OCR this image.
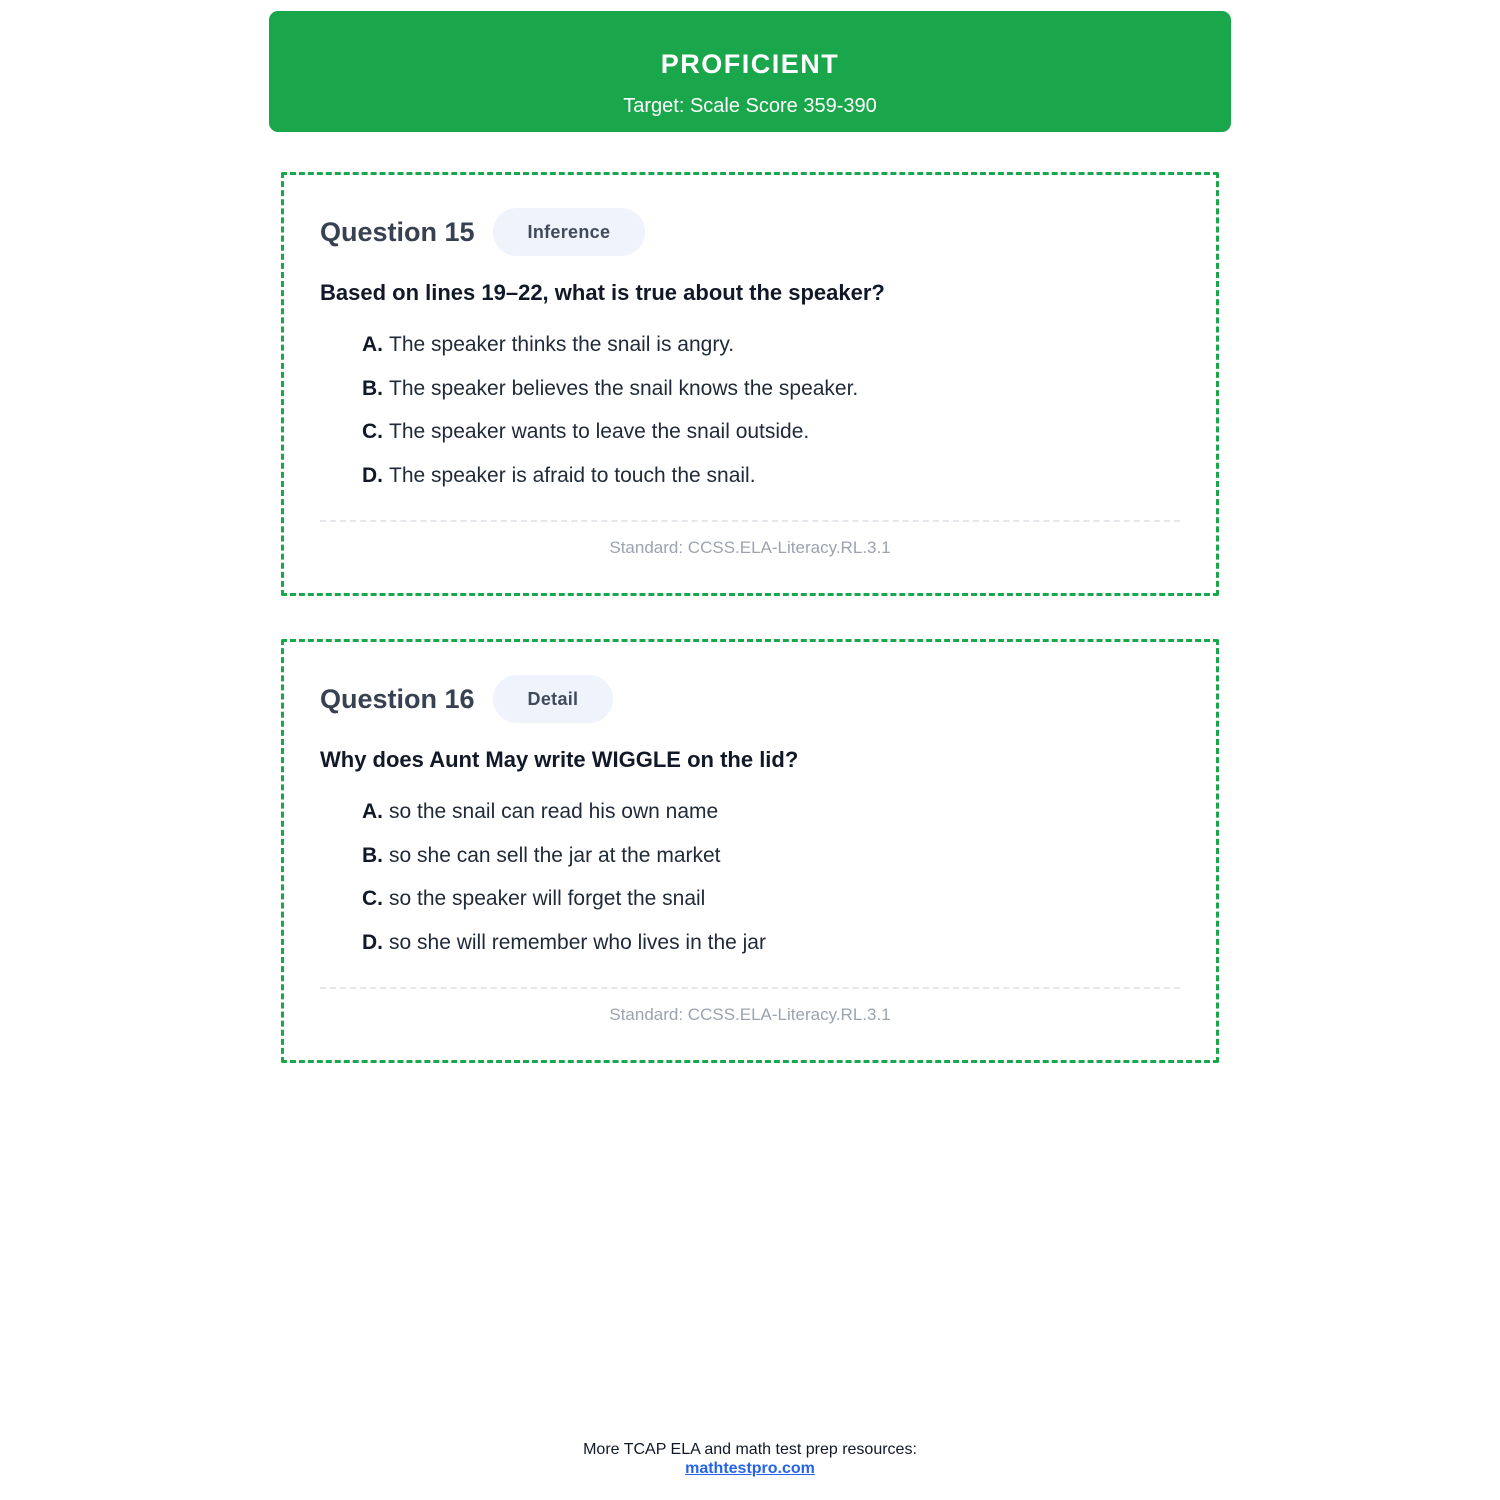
PROFICIENT
Target: Scale Score 359-390
Question 15	Inference
Based on lines 19–22, what is true about the speaker?
A. The speaker thinks the snail is angry.
B. The speaker believes the snail knows the speaker.
C. The speaker wants to leave the snail outside.
D. The speaker is afraid to touch the snail.
Standard: CCSS.ELA-Literacy.RL.3.1
Question 16	Detail
Why does Aunt May write WIGGLE on the lid?
A. so the snail can read his own name
B. so she can sell the jar at the market
C. so the speaker will forget the snail
D. so she will remember who lives in the jar
Standard: CCSS.ELA-Literacy.RL.3.1
More TCAP ELA and math test prep resources:
mathtestpro.com
